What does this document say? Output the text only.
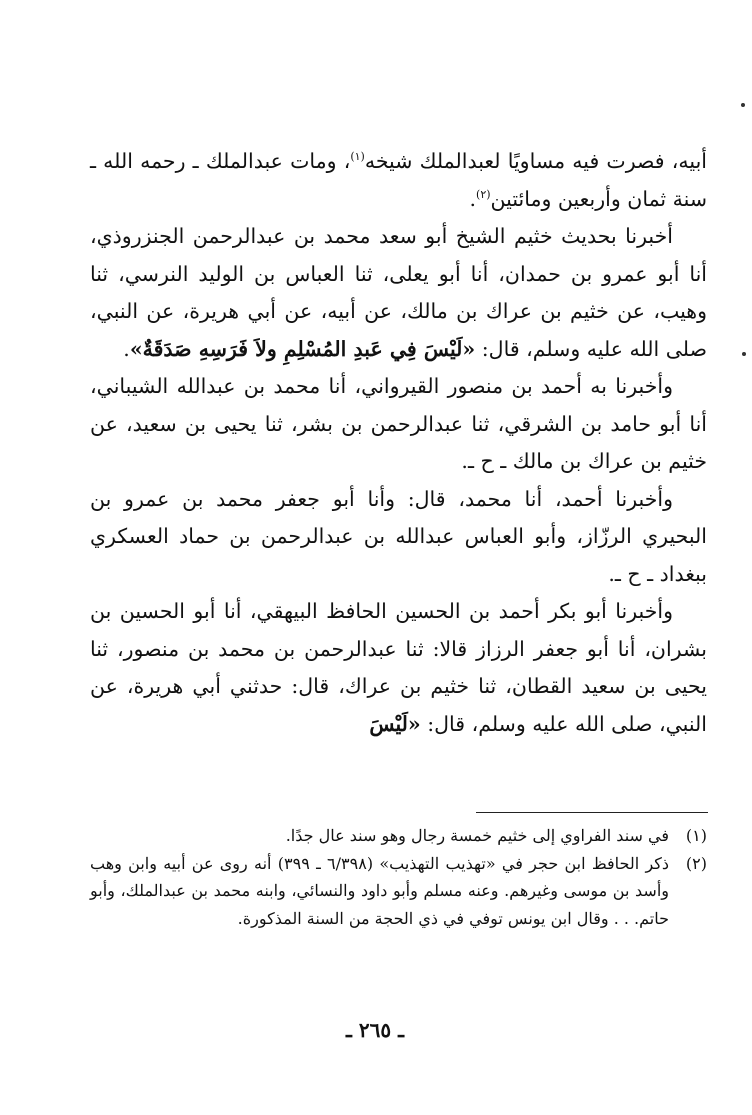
أبيه، فصرت فيه مساويًا لعبدالملك شيخه$^{(١)}$، ومات عبدالملك ـ رحمه الله ـ سنة ثمان وأربعين ومائتين$^{(٢)}$.

أخبرنا بحديث خثيم الشيخ أبو سعد محمد بن عبدالرحمن الجنزروذي، أنا أبو عمرو بن حمدان، أنا أبو يعلى، ثنا العباس بن الوليد النرسي، ثنا وهيب، عن خثيم بن عراك بن مالك، عن أبيه، عن أبي هريرة، عن النبي، صلى الله عليه وسلم، قال: «لَيْسَ فِي عَبدِ المُسْلِمِ ولاَ فَرَسِهِ صَدَقَةٌ».

وأخبرنا به أحمد بن منصور القيرواني، أنا محمد بن عبدالله الشيباني، أنا أبو حامد بن الشرقي، ثنا عبدالرحمن بن بشر، ثنا يحيى بن سعيد، عن خثيم بن عراك بن مالك ـ ح ـ.

وأخبرنا أحمد، أنا محمد، قال: وأنا أبو جعفر محمد بن عمرو بن البحيري الرزّاز، وأبو العباس عبدالله بن عبدالرحمن بن حماد العسكري ببغداد ـ ح ـ.

وأخبرنا أبو بكر أحمد بن الحسين الحافظ البيهقي، أنا أبو الحسين بن بشران، أنا أبو جعفر الرزاز قالا: ثنا عبدالرحمن بن محمد بن منصور، ثنا يحيى بن سعيد القطان، ثنا خثيم بن عراك، قال: حدثني أبي هريرة، عن النبي، صلى الله عليه وسلم، قال: «لَيْسَ

(١)
في سند الفراوي إلى خثيم خمسة رجال وهو سند عال جدًا.
(٢)
ذكر الحافظ ابن حجر في «تهذيب التهذيب» (٦/٣٩٨ ـ ٣٩٩) أنه روى عن أبيه وابن وهب وأسد بن موسى وغيرهم. وعنه مسلم وأبو داود والنسائي، وابنه محمد بن عبدالملك، وأبو حاتم. . . وقال ابن يونس توفي في ذي الحجة من السنة المذكورة.
ـ ٢٦٥ ـ
